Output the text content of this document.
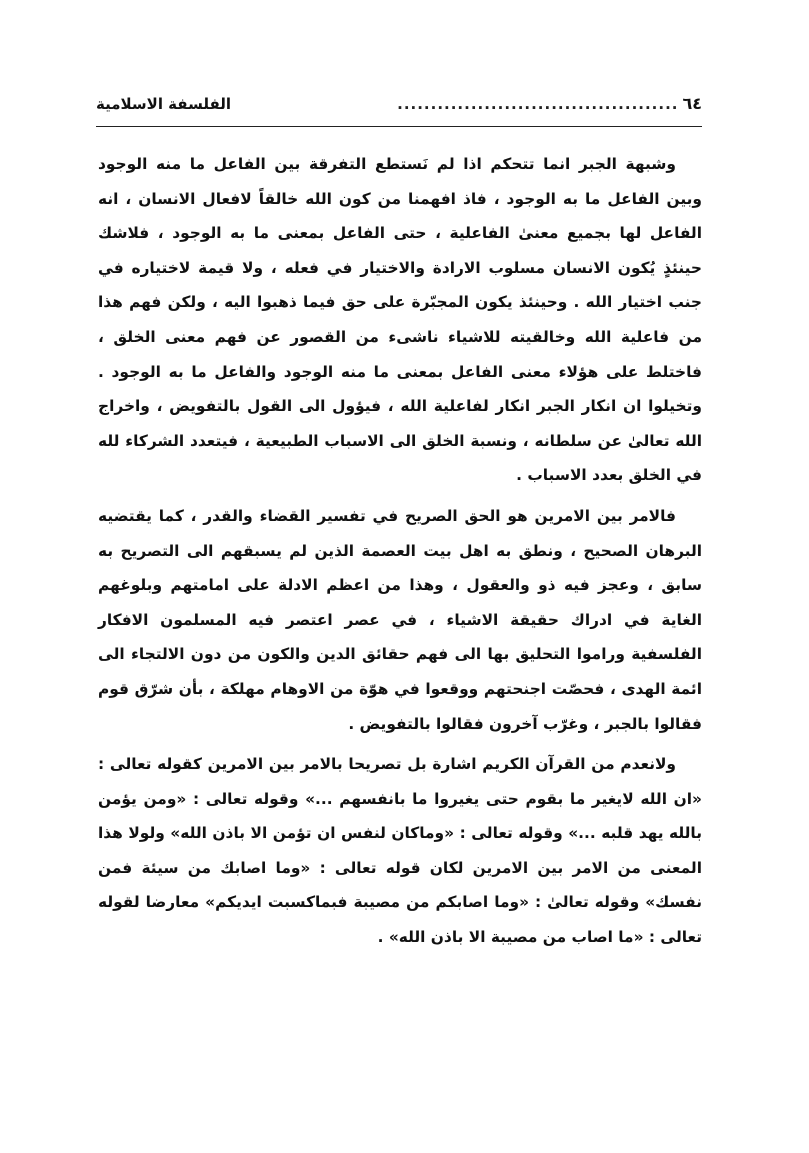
٦٤
..........................................
الفلسفة الاسلامية

وشبهة الجبر انما تتحكم اذا لم نَستطع التفرقة بين الفاعل ما منه الوجود وبين الفاعل ما به الوجود ، فاذ افهمنا من كون الله خالقاً لافعال الانسان ، انه الفاعل لها بجميع معنىٰ الفاعلية ، حتى الفاعل بمعنى ما به الوجود ، فلاشك حينئذٍ يُكون الانسان مسلوب الارادة والاختيار في فعله ، ولا قيمة لاختياره في جنب اختيار الله . وحينئذ يكون المجبّرة على حق فيما ذهبوا اليه ، ولكن فهم هذا من فاعلية الله وخالقيته للاشياء ناشىء من القصور عن فهم معنى الخلق ، فاختلط على هؤلاء معنى الفاعل بمعنى ما منه الوجود والفاعل ما به الوجود . وتخيلوا ان انكار الجبر انكار لفاعلية الله ، فيؤول الى القول بالتفويض ، واخراج الله تعالىٰ عن سلطانه ، ونسبة الخلق الى الاسباب الطبيعية ، فيتعدد الشركاء لله في الخلق بعدد الاسباب .

فالامر بين الامرين هو الحق الصريح في تفسير القضاء والقدر ، كما يقتضيه البرهان الصحيح ، ونطق به اهل بيت العصمة الذين لم يسبقهم الى التصريح به سابق ، وعجز فيه ذو والعقول ، وهذا من اعظم الادلة على امامتهم وبلوغهم الغاية في ادراك حقيقة الاشياء ، في عصر اعتصر فيه المسلمون الافكار الفلسفية وراموا التحليق بها الى فهم حقائق الدين والكون من دون الالتجاء الى ائمة الهدى ، فحصّت اجنحتهم ووقعوا في هوّة من الاوهام مهلكة ، بأن شرّق قوم فقالوا بالجبر ، وغرّب آخرون فقالوا بالتفويض .

ولانعدم من القرآن الكريم اشارة بل تصريحا بالامر بين الامرين كقوله تعالى : «ان الله لايغير ما بقوم حتى يغيروا ما بانفسهم ...» وقوله تعالى : «ومن يؤمن بالله يهد قلبه ...» وقوله تعالى : «وماكان لنفس ان تؤمن الا باذن الله» ولولا هذا المعنى من الامر بين الامرين لكان قوله تعالى : «وما اصابك من سيئة فمن نفسك» وقوله تعالىٰ : «وما اصابكم من مصيبة فبماكسبت ايديكم» معارضا لقوله تعالى : «ما اصاب من مصيبة الا باذن الله» .
